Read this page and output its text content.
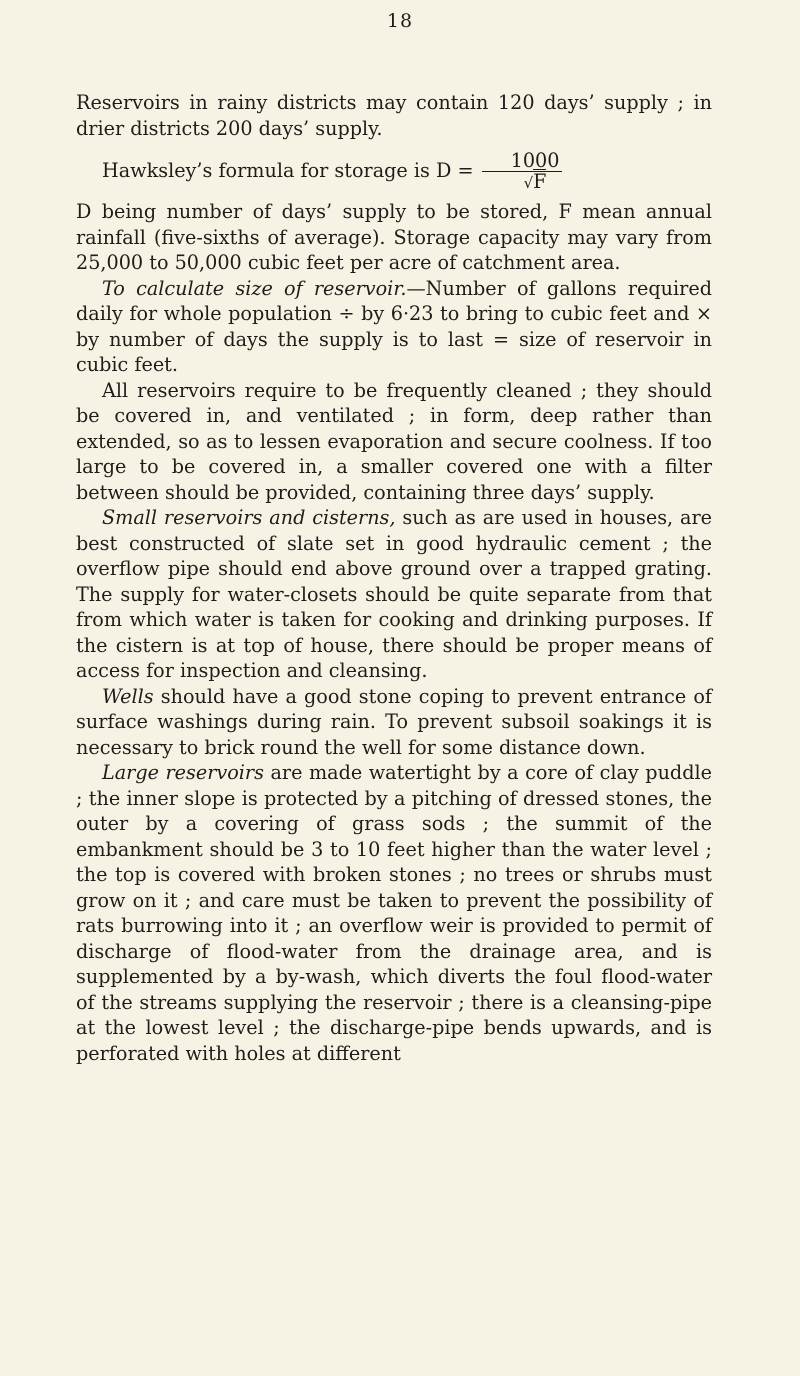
18

Reservoirs in rainy districts may contain 120 days’ supply ; in drier districts 200 days’ supply.

Hawksley’s formula for storage is $D = \frac{1000}{√F}$

D being number of days’ supply to be stored, F mean annual rainfall (five-sixths of average). Storage capacity may vary from 25,000 to 50,000 cubic feet per acre of catchment area.

To calculate size of reservoir.—Number of gallons required daily for whole population ÷ by 6·23 to bring to cubic feet and × by number of days the supply is to last = size of reservoir in cubic feet.

All reservoirs require to be frequently cleaned ; they should be covered in, and ventilated ; in form, deep rather than extended, so as to lessen evaporation and secure coolness. If too large to be covered in, a smaller covered one with a filter between should be provided, containing three days’ supply.

Small reservoirs and cisterns, such as are used in houses, are best constructed of slate set in good hydraulic cement ; the overflow pipe should end above ground over a trapped grating. The supply for water-closets should be quite separate from that from which water is taken for cooking and drinking purposes. If the cistern is at top of house, there should be proper means of access for inspection and cleansing.

Wells should have a good stone coping to prevent entrance of surface washings during rain. To prevent subsoil soakings it is necessary to brick round the well for some distance down.

Large reservoirs are made watertight by a core of clay puddle ; the inner slope is protected by a pitching of dressed stones, the outer by a covering of grass sods ; the summit of the embankment should be 3 to 10 feet higher than the water level ; the top is covered with broken stones ; no trees or shrubs must grow on it ; and care must be taken to prevent the possibility of rats burrowing into it ; an overflow weir is provided to permit of discharge of flood-water from the drainage area, and is supplemented by a by-wash, which diverts the foul flood-water of the streams supplying the reservoir ; there is a cleansing-pipe at the lowest level ; the discharge-pipe bends upwards, and is perforated with holes at different
